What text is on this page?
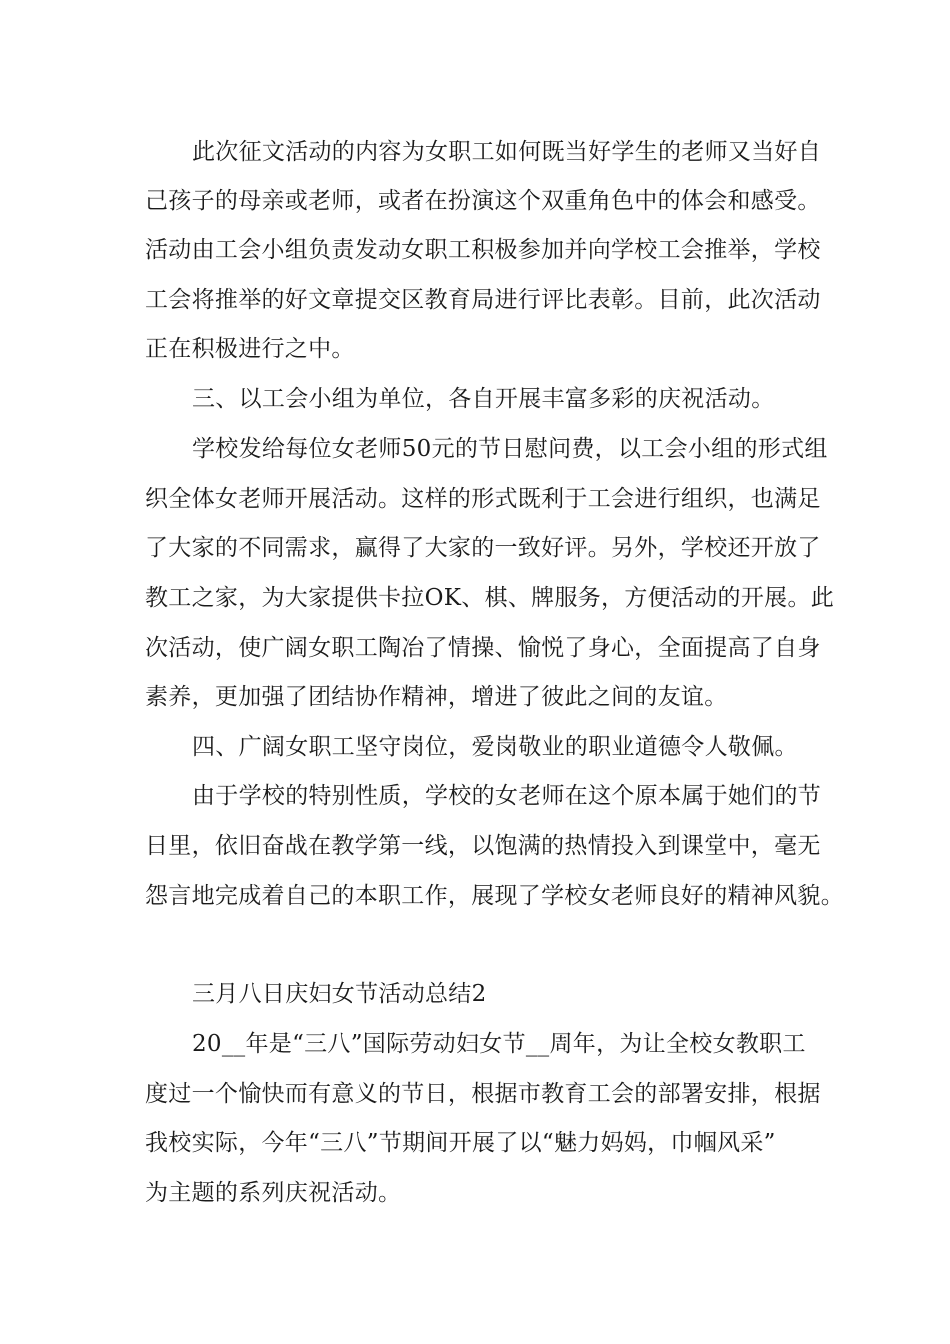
此次征文活动的内容为女职工如何既当好学生的老师又当好自
己孩子的母亲或老师，或者在扮演这个双重角色中的体会和感受。
活动由工会小组负责发动女职工积极参加并向学校工会推举，学校
工会将推举的好文章提交区教育局进行评比表彰。目前，此次活动
正在积极进行之中。
三、以工会小组为单位，各自开展丰富多彩的庆祝活动。
学校发给每位女老师50元的节日慰问费，以工会小组的形式组
织全体女老师开展活动。这样的形式既利于工会进行组织，也满足
了大家的不同需求，赢得了大家的一致好评。另外，学校还开放了
教工之家，为大家提供卡拉OK、棋、牌服务，方便活动的开展。此
次活动，使广阔女职工陶冶了情操、愉悦了身心，全面提高了自身
素养，更加强了团结协作精神，增进了彼此之间的友谊。
四、广阔女职工坚守岗位，爱岗敬业的职业道德令人敬佩。
由于学校的特别性质，学校的女老师在这个原本属于她们的节
日里，依旧奋战在教学第一线，以饱满的热情投入到课堂中，毫无
怨言地完成着自己的本职工作，展现了学校女老师良好的精神风貌。
三月八日庆妇女节活动总结2
20__年是“三八”国际劳动妇女节__周年，为让全校女教职工
度过一个愉快而有意义的节日，根据市教育工会的部署安排，根据
我校实际，今年“三八”节期间开展了以“魅力妈妈，巾帼风采”
为主题的系列庆祝活动。
